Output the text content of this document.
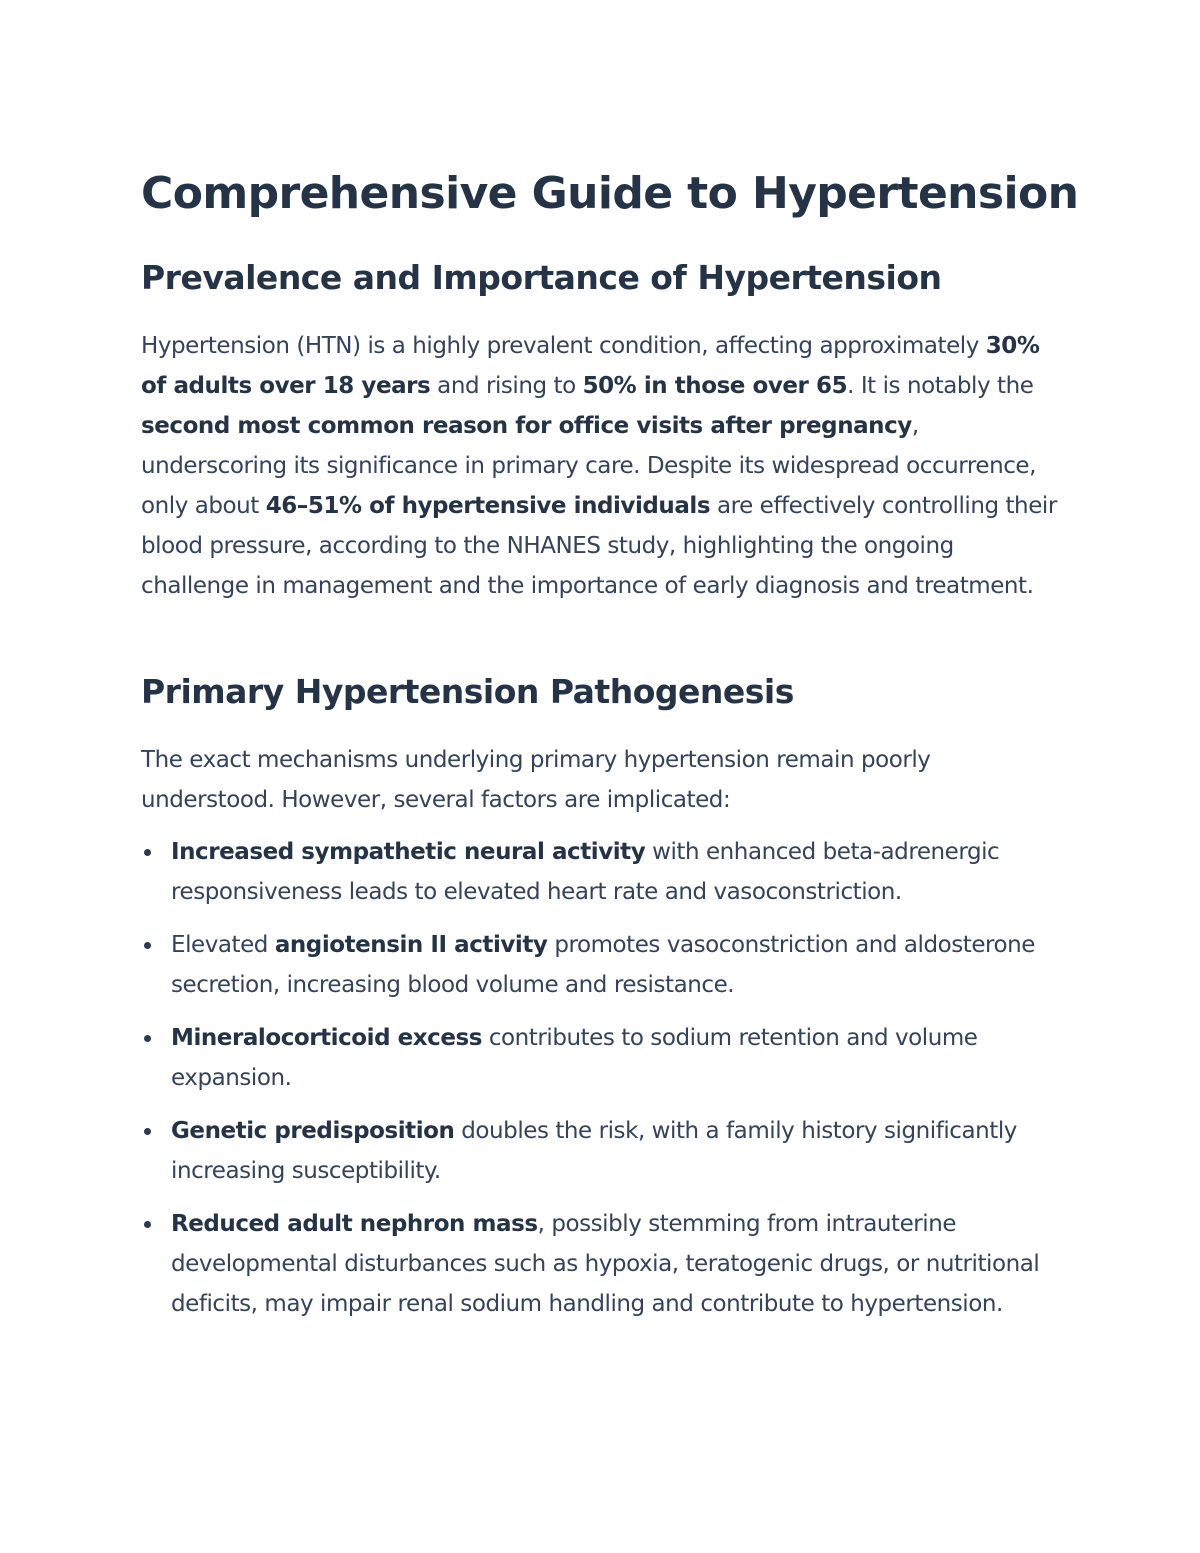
Comprehensive Guide to Hypertension
Prevalence and Importance of Hypertension

Hypertension (HTN) is a highly prevalent condition, affecting approximately 30% of adults over 18 years and rising to 50% in those over 65. It is notably the second most common reason for office visits after pregnancy, underscoring its significance in primary care. Despite its widespread occurrence, only about 46–51% of hypertensive individuals are effectively controlling their blood pressure, according to the NHANES study, highlighting the ongoing challenge in management and the importance of early diagnosis and treatment.

Primary Hypertension Pathogenesis

The exact mechanisms underlying primary hypertension remain poorly understood. However, several factors are implicated:

Increased sympathetic neural activity with enhanced beta-adrenergic responsiveness leads to elevated heart rate and vasoconstriction.
Elevated angiotensin II activity promotes vasoconstriction and aldosterone secretion, increasing blood volume and resistance.
Mineralocorticoid excess contributes to sodium retention and volume expansion.
Genetic predisposition doubles the risk, with a family history significantly increasing susceptibility.
Reduced adult nephron mass, possibly stemming from intrauterine developmental disturbances such as hypoxia, teratogenic drugs, or nutritional deficits, may impair renal sodium handling and contribute to hypertension.
